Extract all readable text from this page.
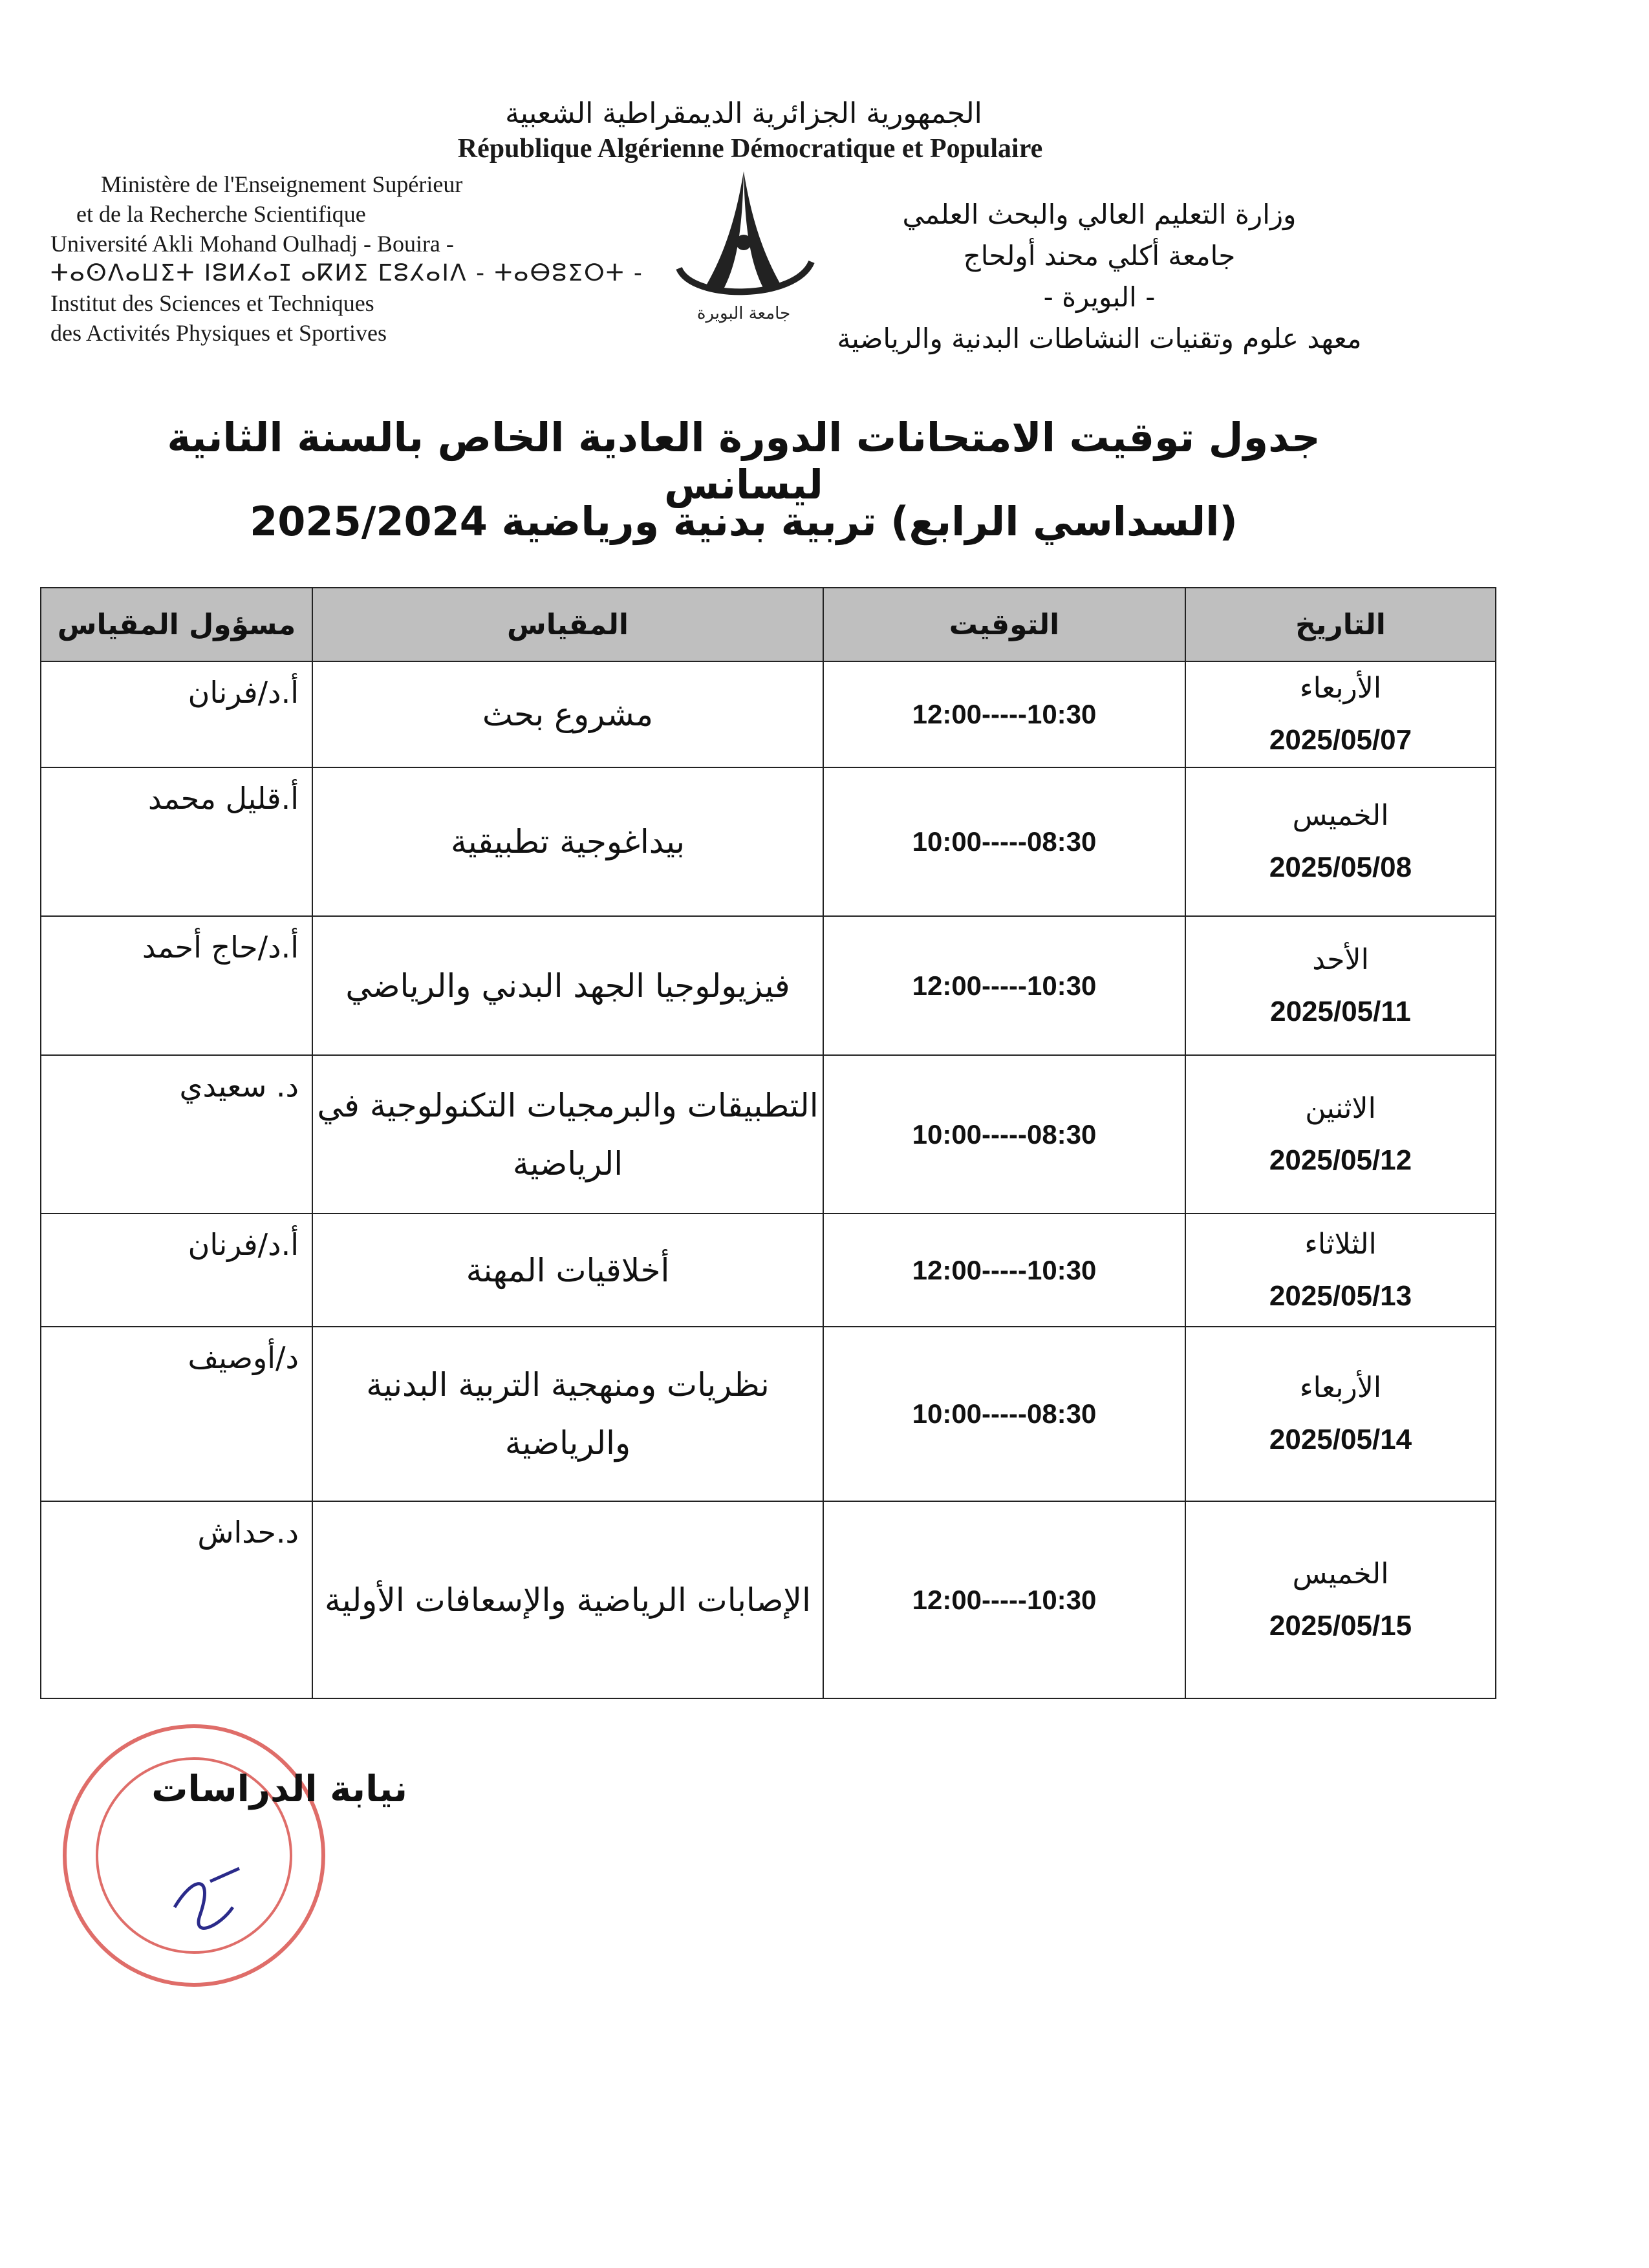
الجمهورية الجزائرية الديمقراطية الشعبية
République Algérienne Démocratique et Populaire
Ministère de l'Enseignement Supérieur
et de la Recherche Scientifique
Université Akli Mohand Oulhadj - Bouira -
ⵜⴰⵙⴷⴰⵡⵉⵜ ⵏⵓⵍⵃⴰⵊ ⴰⴽⵍⵉ ⵎⵓⵃⴰⵏⴷ - ⵜⴰⴱⵓⵉⵔⵜ -
Institut des Sciences et Techniques
des Activités Physiques et Sportives
جامعة البويرة
وزارة التعليم العالي والبحث العلمي
جامعة أكلي محند أولحاج
- البويرة -
معهد علوم وتقنيات النشاطات البدنية والرياضية
جدول توقيت الامتحانات الدورة العادية الخاص بالسنة الثانية ليسانس
(السداسي الرابع) تربية بدنية ورياضية 2025/2024
التاريخ	التوقيت	المقياس	مسؤول المقياس

الأربعاء
2025/05/07	12:00-----10:30	مشروع بحث	أ.د/فرنان

الخميس
2025/05/08	10:00-----08:30	بيداغوجية تطبيقية	أ.قليل محمد

الأحد
2025/05/11	12:00-----10:30	فيزيولوجيا الجهد البدني والرياضي	أ.د/حاج أحمد

الاثنين
2025/05/12	10:00-----08:30	التطبيقات والبرمجيات التكنولوجية في الرياضية	د. سعيدي

الثلاثاء
2025/05/13	12:00-----10:30	أخلاقيات المهنة	أ.د/فرنان

الأربعاء
2025/05/14	10:00-----08:30	نظريات ومنهجية التربية البدنية والرياضية	د/أوصيف

الخميس
2025/05/15	12:00-----10:30	الإصابات الرياضية والإسعافات الأولية	د.حداش
نيابة الدراسات
